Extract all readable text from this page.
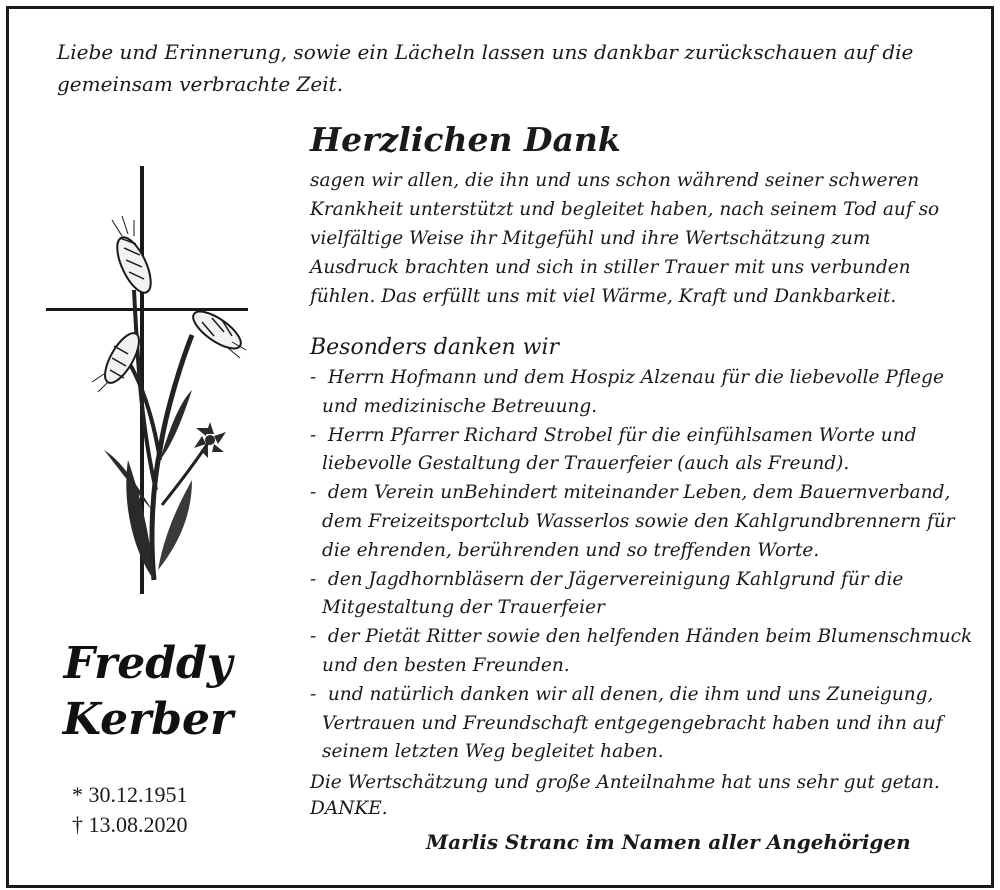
Liebe und Erinnerung, sowie ein Lächeln lassen uns dankbar zurückschauen auf die gemeinsam verbrachte Zeit.

Herzlichen Dank

sagen wir allen, die ihn und uns schon während seiner schweren Krankheit unterstützt und begleitet haben, nach seinem Tod auf so vielfältige Weise ihr Mitgefühl und ihre Wertschätzung zum Ausdruck brachten und sich in stiller Trauer mit uns verbunden fühlen. Das erfüllt uns mit viel Wärme, Kraft und Dankbarkeit.

Besonders danken wir
- Herrn Hofmann und dem Hospiz Alzenau für die liebevolle Pflege und medizinische Betreuung.
- Herrn Pfarrer Richard Strobel für die einfühlsamen Worte und liebevolle Gestaltung der Trauerfeier (auch als Freund).
- dem Verein unBehindert miteinander Leben, dem Bauernverband, dem Freizeitsportclub Wasserlos sowie den Kahlgrundbrennern für die ehrenden, berührenden und so treffenden Worte.
- den Jagdhornbläsern der Jägervereinigung Kahlgrund für die Mitgestaltung der Trauerfeier
- der Pietät Ritter sowie den helfenden Händen beim Blumenschmuck und den besten Freunden.
- und natürlich danken wir all denen, die ihm und uns Zuneigung, Vertrauen und Freundschaft entgegengebracht haben und ihn auf seinem letzten Weg begleitet haben.
Die Wertschätzung und große Anteilnahme hat uns sehr gut getan.
DANKE.

Marlis Stranc im Namen aller Angehörigen

Freddy
Kerber
* 30.12.1951
† 13.08.2020
